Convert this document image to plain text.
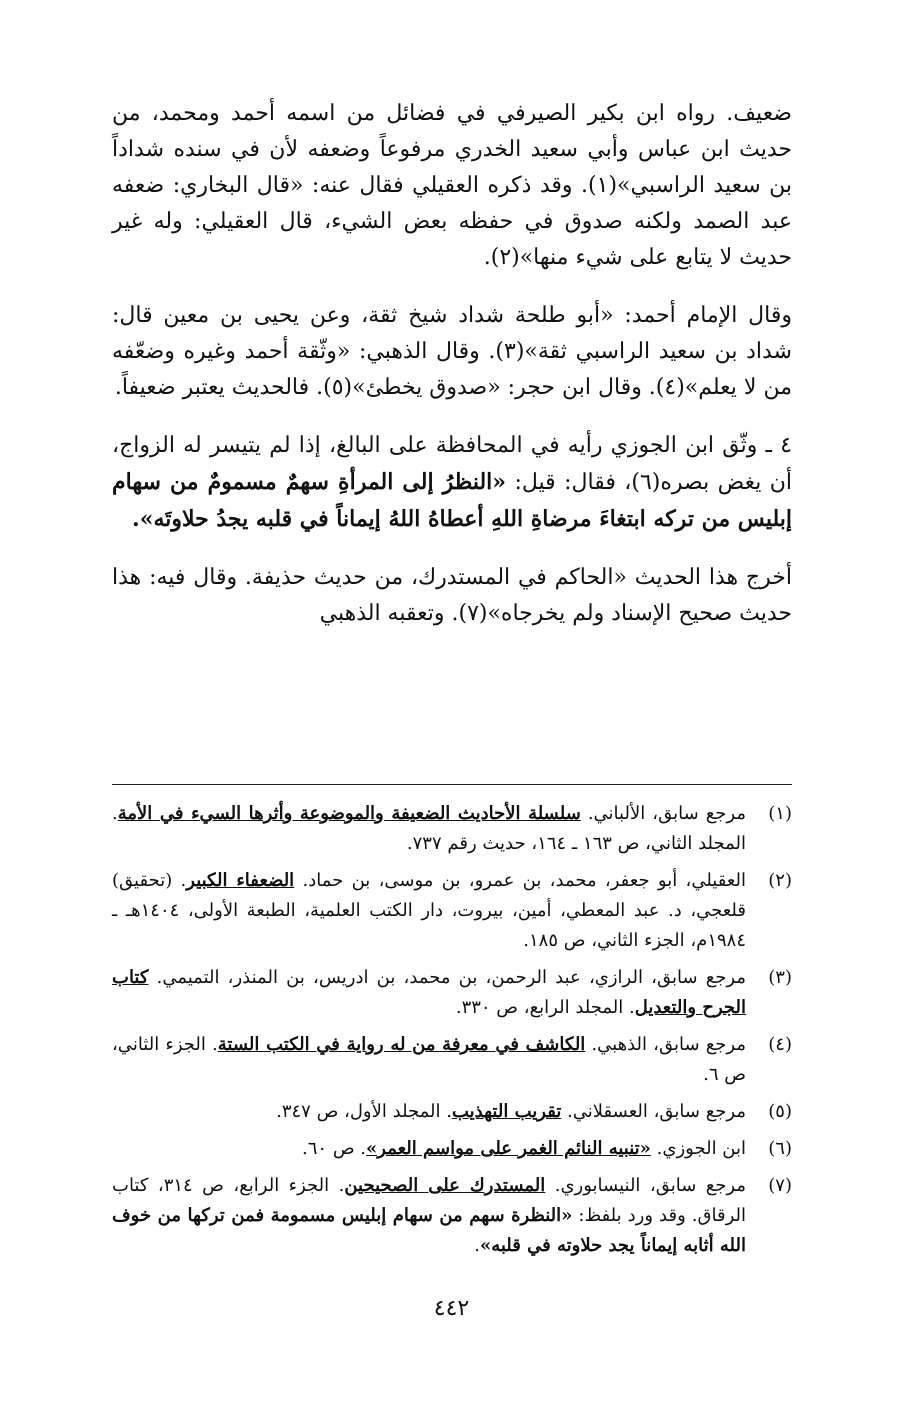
ضعيف. رواه ابن بكير الصيرفي في فضائل من اسمه أحمد ومحمد، من حديث ابن عباس وأبي سعيد الخدري مرفوعاً وضعفه لأن في سنده شداداً بن سعيد الراسبي»(١). وقد ذكره العقيلي فقال عنه: «قال البخاري: ضعفه عبد الصمد ولكنه صدوق في حفظه بعض الشيء، قال العقيلي: وله غير حديث لا يتابع على شيء منها»(٢).

وقال الإمام أحمد: «أبو طلحة شداد شيخ ثقة، وعن يحيى بن معين قال: شداد بن سعيد الراسبي ثقة»(٣). وقال الذهبي: «وثّقة أحمد وغيره وضعّفه من لا يعلم»(٤). وقال ابن حجر: «صدوق يخطئ»(٥). فالحديث يعتبر ضعيفاً.

٤ ـ وثّق ابن الجوزي رأيه في المحافظة على البالغ، إذا لم يتيسر له الزواج، أن يغض بصره(٦)، فقال: قيل: «النظرُ إلى المرأةِ سهمٌ مسمومٌ من سهام إبليس من تركه ابتغاءَ مرضاةِ اللهِ أعطاهُ اللهُ إيماناً في قلبه يجدُ حلاوتَه».

أخرج هذا الحديث «الحاكم في المستدرك، من حديث حذيفة. وقال فيه: هذا حديث صحيح الإسناد ولم يخرجاه»(٧). وتعقبه الذهبي

(١)
مرجع سابق، الألباني. سلسلة الأحاديث الضعيفة والموضوعة وأثرها السيء في الأمة. المجلد الثاني، ص ١٦٣ ـ ١٦٤، حديث رقم ٧٣٧.
(٢)
العقيلي، أبو جعفر، محمد، بن عمرو، بن موسى، بن حماد. الضعفاء الكبير. (تحقيق) قلعجي، د. عبد المعطي، أمين، بيروت، دار الكتب العلمية، الطبعة الأولى، ١٤٠٤هـ ـ ١٩٨٤م، الجزء الثاني، ص ١٨٥.
(٣)
مرجع سابق، الرازي، عبد الرحمن، بن محمد، بن ادريس، بن المنذر، التميمي. كتاب الجرح والتعديل. المجلد الرابع، ص ٣٣٠.
(٤)
مرجع سابق، الذهبي. الكاشف في معرفة من له رواية في الكتب الستة. الجزء الثاني، ص ٦.
(٥)
مرجع سابق، العسقلاني. تقريب التهذيب. المجلد الأول، ص ٣٤٧.
(٦)
ابن الجوزي. «تنبيه النائم الغمر على مواسم العمر». ص ٦٠.
(٧)
مرجع سابق، النيسابوري. المستدرك على الصحيحين. الجزء الرابع، ص ٣١٤، كتاب الرقاق. وقد ورد بلفظ: «النظرة سهم من سهام إبليس مسمومة فمن تركها من خوف الله أثابه إيماناً يجد حلاوته في قلبه».
٤٤٢
